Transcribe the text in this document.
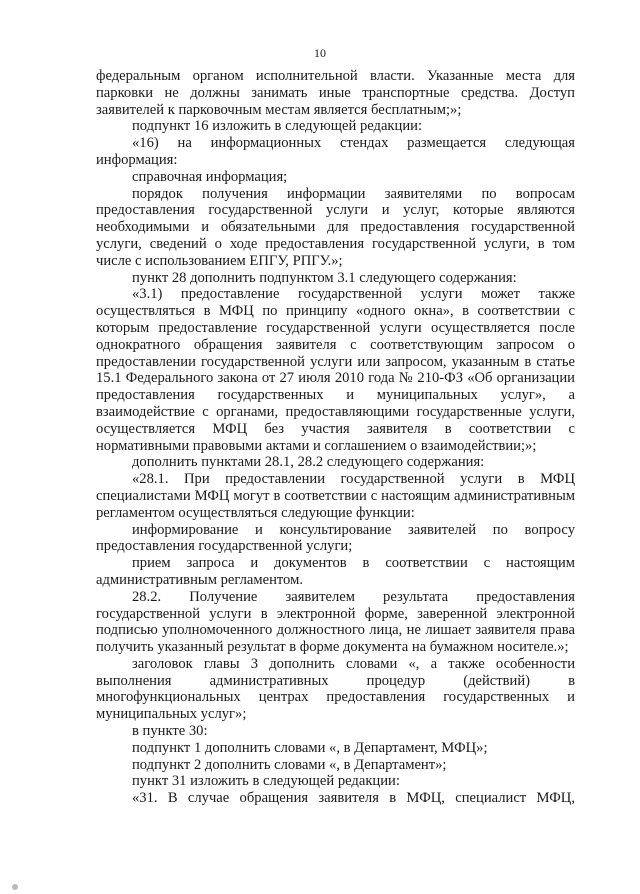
10

федеральным органом исполнительной власти. Указанные места для парковки не должны занимать иные транспортные средства. Доступ заявителей к парковочным местам является бесплатным;»;

подпункт 16 изложить в следующей редакции:

«16) на информационных стендах размещается следующая информация:

справочная информация;

порядок получения информации заявителями по вопросам предоставления государственной услуги и услуг, которые являются необходимыми и обязательными для предоставления государственной услуги, сведений о ходе предоставления государственной услуги, в том числе с использованием ЕПГУ, РПГУ.»;

пункт 28 дополнить подпунктом 3.1 следующего содержания:

«3.1) предоставление государственной услуги может также осуществляться в МФЦ по принципу «одного окна», в соответствии с которым предоставление государственной услуги осуществляется после однократного обращения заявителя с соответствующим запросом о предоставлении государственной услуги или запросом, указанным в статье 15.1 Федерального закона от 27 июля 2010 года № 210-ФЗ «Об организации предоставления государственных и муниципальных услуг», а взаимодействие с органами, предоставляющими государственные услуги, осуществляется МФЦ без участия заявителя в соответствии с нормативными правовыми актами и соглашением о взаимодействии;»;

дополнить пунктами 28.1, 28.2 следующего содержания:

«28.1. При предоставлении государственной услуги в МФЦ специалистами МФЦ могут в соответствии с настоящим административным регламентом осуществляться следующие функции:

информирование и консультирование заявителей по вопросу предоставления государственной услуги;

прием запроса и документов в соответствии с настоящим административным регламентом.

28.2. Получение заявителем результата предоставления государственной услуги в электронной форме, заверенной электронной подписью уполномоченного должностного лица, не лишает заявителя права получить указанный результат в форме документа на бумажном носителе.»;

заголовок главы 3 дополнить словами «, а также особенности выполнения административных процедур (действий) в многофункциональных центрах предоставления государственных и муниципальных услуг»;

в пункте 30:

подпункт 1 дополнить словами «, в Департамент, МФЦ»;

подпункт 2 дополнить словами «, в Департамент»;

пункт 31 изложить в следующей редакции:

«31. В случае обращения заявителя в МФЦ, специалист МФЦ,
